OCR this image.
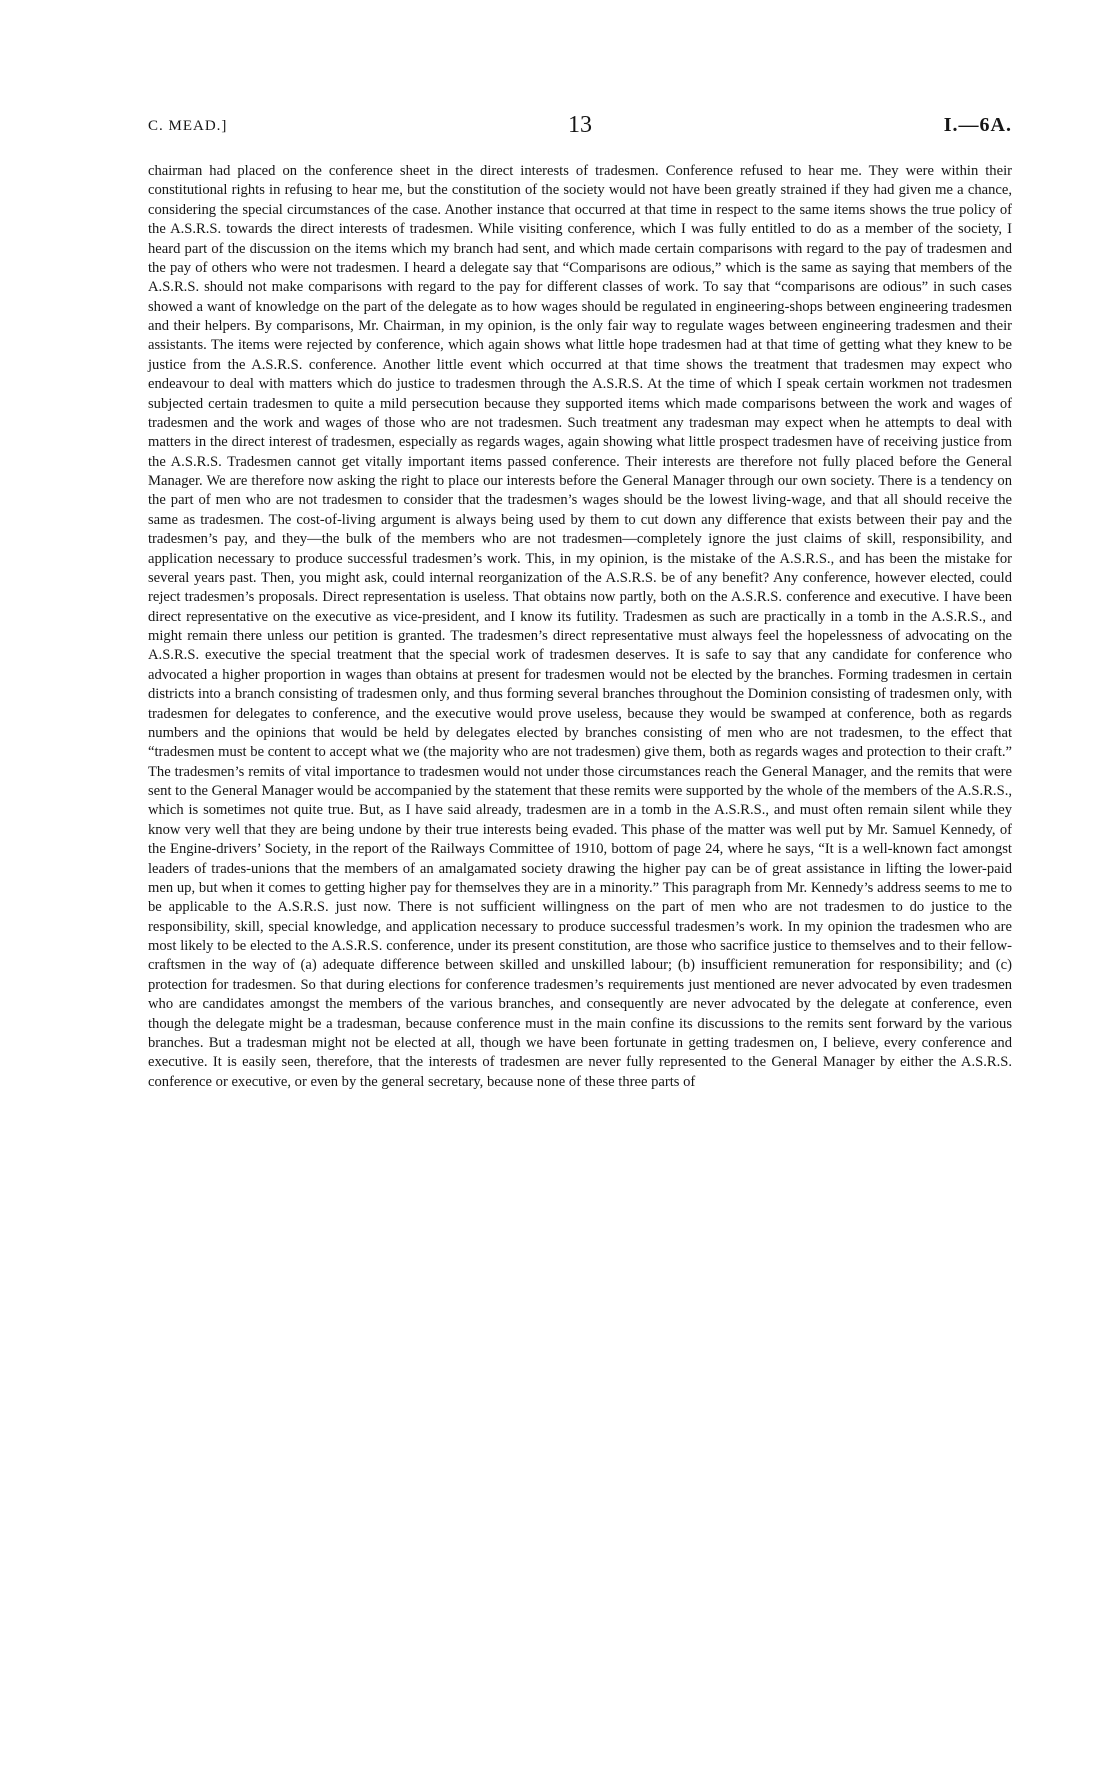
C. MEAD.]	13	I.—6A.

chairman had placed on the conference sheet in the direct interests of tradesmen. Conference refused to hear me. They were within their constitutional rights in refusing to hear me, but the constitution of the society would not have been greatly strained if they had given me a chance, considering the special circumstances of the case. Another instance that occurred at that time in respect to the same items shows the true policy of the A.S.R.S. towards the direct interests of tradesmen. While visiting conference, which I was fully entitled to do as a member of the society, I heard part of the discussion on the items which my branch had sent, and which made certain comparisons with regard to the pay of tradesmen and the pay of others who were not tradesmen. I heard a delegate say that “Comparisons are odious,” which is the same as saying that members of the A.S.R.S. should not make comparisons with regard to the pay for different classes of work. To say that “comparisons are odious” in such cases showed a want of knowledge on the part of the delegate as to how wages should be regulated in engineering-shops between engineering tradesmen and their helpers. By comparisons, Mr. Chairman, in my opinion, is the only fair way to regulate wages between engineering tradesmen and their assistants. The items were rejected by conference, which again shows what little hope tradesmen had at that time of getting what they knew to be justice from the A.S.R.S. conference. Another little event which occurred at that time shows the treatment that tradesmen may expect who endeavour to deal with matters which do justice to tradesmen through the A.S.R.S. At the time of which I speak certain workmen not tradesmen subjected certain tradesmen to quite a mild persecution because they supported items which made comparisons between the work and wages of tradesmen and the work and wages of those who are not tradesmen. Such treatment any tradesman may expect when he attempts to deal with matters in the direct interest of tradesmen, especially as regards wages, again showing what little prospect tradesmen have of receiving justice from the A.S.R.S. Tradesmen cannot get vitally important items passed conference. Their interests are therefore not fully placed before the General Manager. We are therefore now asking the right to place our interests before the General Manager through our own society. There is a tendency on the part of men who are not tradesmen to consider that the tradesmen’s wages should be the lowest living-wage, and that all should receive the same as tradesmen. The cost-of-living argument is always being used by them to cut down any difference that exists between their pay and the tradesmen’s pay, and they—the bulk of the members who are not tradesmen—completely ignore the just claims of skill, responsibility, and application necessary to produce successful tradesmen’s work. This, in my opinion, is the mistake of the A.S.R.S., and has been the mistake for several years past. Then, you might ask, could internal reorganization of the A.S.R.S. be of any benefit? Any conference, however elected, could reject tradesmen’s proposals. Direct representation is useless. That obtains now partly, both on the A.S.R.S. conference and executive. I have been direct representative on the executive as vice-president, and I know its futility. Tradesmen as such are practically in a tomb in the A.S.R.S., and might remain there unless our petition is granted. The tradesmen’s direct representative must always feel the hopelessness of advocating on the A.S.R.S. executive the special treatment that the special work of tradesmen deserves. It is safe to say that any candidate for conference who advocated a higher proportion in wages than obtains at present for tradesmen would not be elected by the branches. Forming tradesmen in certain districts into a branch consisting of tradesmen only, and thus forming several branches throughout the Dominion consisting of tradesmen only, with tradesmen for delegates to conference, and the executive would prove useless, because they would be swamped at conference, both as regards numbers and the opinions that would be held by delegates elected by branches consisting of men who are not tradesmen, to the effect that “tradesmen must be content to accept what we (the majority who are not tradesmen) give them, both as regards wages and protection to their craft.” The tradesmen’s remits of vital importance to tradesmen would not under those circumstances reach the General Manager, and the remits that were sent to the General Manager would be accompanied by the statement that these remits were supported by the whole of the members of the A.S.R.S., which is sometimes not quite true. But, as I have said already, tradesmen are in a tomb in the A.S.R.S., and must often remain silent while they know very well that they are being undone by their true interests being evaded. This phase of the matter was well put by Mr. Samuel Kennedy, of the Engine-drivers’ Society, in the report of the Railways Committee of 1910, bottom of page 24, where he says, “It is a well-known fact amongst leaders of trades-unions that the members of an amalgamated society drawing the higher pay can be of great assistance in lifting the lower-paid men up, but when it comes to getting higher pay for themselves they are in a minority.” This paragraph from Mr. Kennedy’s address seems to me to be applicable to the A.S.R.S. just now. There is not sufficient willingness on the part of men who are not tradesmen to do justice to the responsibility, skill, special knowledge, and application necessary to produce successful tradesmen’s work. In my opinion the tradesmen who are most likely to be elected to the A.S.R.S. conference, under its present constitution, are those who sacrifice justice to themselves and to their fellow-craftsmen in the way of (a) adequate difference between skilled and unskilled labour; (b) insufficient remuneration for responsibility; and (c) protection for tradesmen. So that during elections for conference tradesmen’s requirements just mentioned are never advocated by even tradesmen who are candidates amongst the members of the various branches, and consequently are never advocated by the delegate at conference, even though the delegate might be a tradesman, because conference must in the main confine its discussions to the remits sent forward by the various branches. But a tradesman might not be elected at all, though we have been fortunate in getting tradesmen on, I believe, every conference and executive. It is easily seen, therefore, that the interests of tradesmen are never fully represented to the General Manager by either the A.S.R.S. conference or executive, or even by the general secretary, because none of these three parts of
